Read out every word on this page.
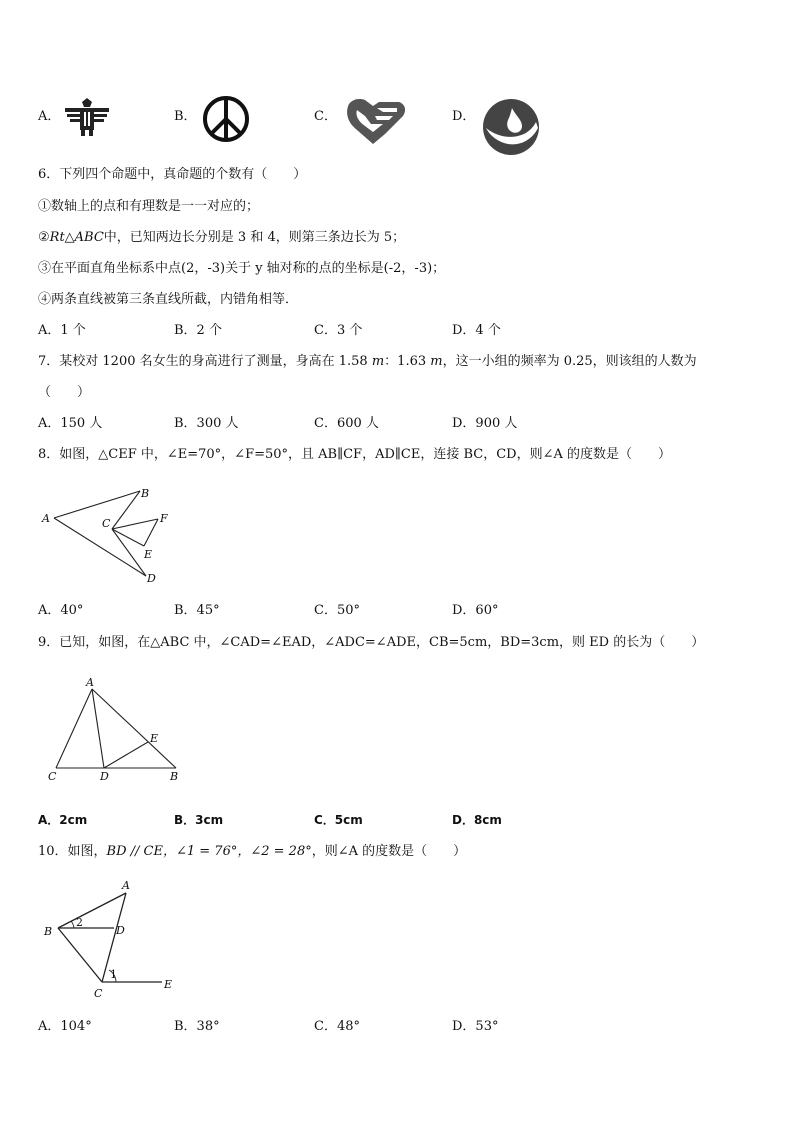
A．	B．	C．	D．
6．下列四个命题中，真命题的个数有（　　）
①数轴上的点和有理数是一一对应的；
②Rt△ABC中，已知两边长分别是 3 和 4，则第三条边长为 5；
③在平面直角坐标系中点(2，-3)关于 y 轴对称的点的坐标是(-2，-3)；
④两条直线被第三条直线所截，内错角相等．
A．1 个	B．2 个	C．3 个	D．4 个
7．某校对 1200 名女生的身高进行了测量，身高在 1.58 m：1.63 m，这一小组的频率为 0.25，则该组的人数为
（　　）
A．150 人	B．300 人	C．600 人	D．900 人
8．如图，△CEF 中，∠E=70°，∠F=50°，且 AB∥CF，AD∥CE，连接 BC，CD，则∠A 的度数是（　　）
A
B
C	F
E
D
A．40°	B．45°	C．50°	D．60°
9．已知，如图，在△ABC 中，∠CAD=∠EAD，∠ADC=∠ADE，CB=5cm，BD=3cm，则 ED 的长为（　　）
A
E
C	D	B
A．2cm	B．3cm	C．5cm	D．8cm
10．如图，BD // CE，∠1 = 76°，∠2 = 28°，则∠A 的度数是（　　）
A
B	D
C
E
2
1
A．104°	B．38°	C．48°	D．53°
